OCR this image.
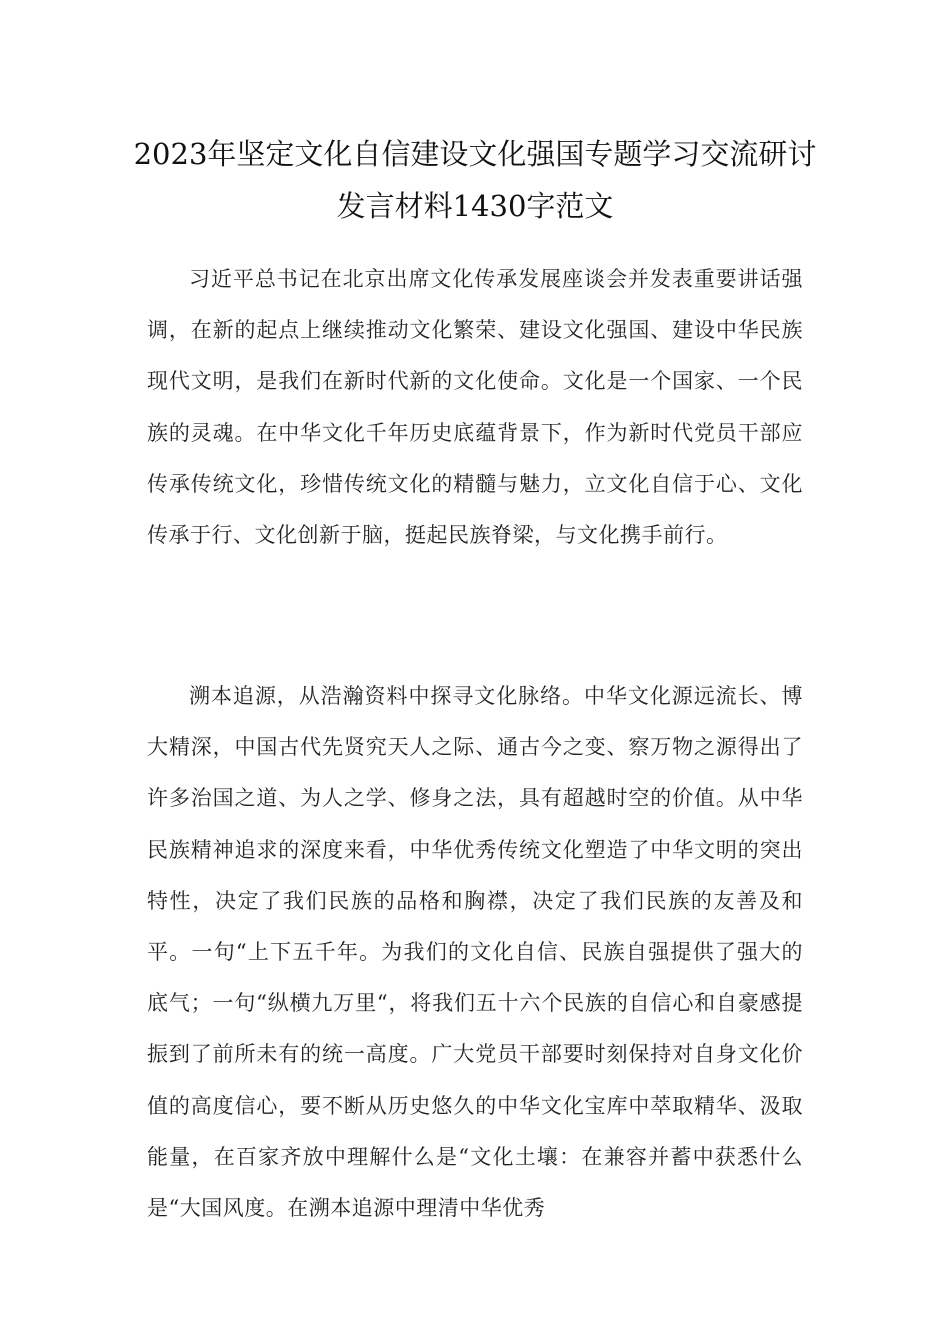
2023年坚定文化自信建设文化强国专题学习交流研讨发言材料1430字范文

习近平总书记在北京出席文化传承发展座谈会并发表重要讲话强调，在新的起点上继续推动文化繁荣、建设文化强国、建设中华民族现代文明，是我们在新时代新的文化使命。文化是一个国家、一个民族的灵魂。在中华文化千年历史底蕴背景下，作为新时代党员干部应传承传统文化，珍惜传统文化的精髓与魅力，立文化自信于心、文化传承于行、文化创新于脑，挺起民族脊梁，与文化携手前行。

溯本追源，从浩瀚资料中探寻文化脉络。中华文化源远流长、博大精深，中国古代先贤究天人之际、通古今之变、察万物之源得出了许多治国之道、为人之学、修身之法，具有超越时空的价值。从中华民族精神追求的深度来看，中华优秀传统文化塑造了中华文明的突出特性，决定了我们民族的品格和胸襟，决定了我们民族的友善及和平。一句“上下五千年。为我们的文化自信、民族自强提供了强大的底气；一句“纵横九万里“，将我们五十六个民族的自信心和自豪感提振到了前所未有的统一高度。广大党员干部要时刻保持对自身文化价值的高度信心，要不断从历史悠久的中华文化宝库中萃取精华、汲取能量，在百家齐放中理解什么是“文化土壤：在兼容并蓄中获悉什么是“大国风度。在溯本追源中理清中华优秀
